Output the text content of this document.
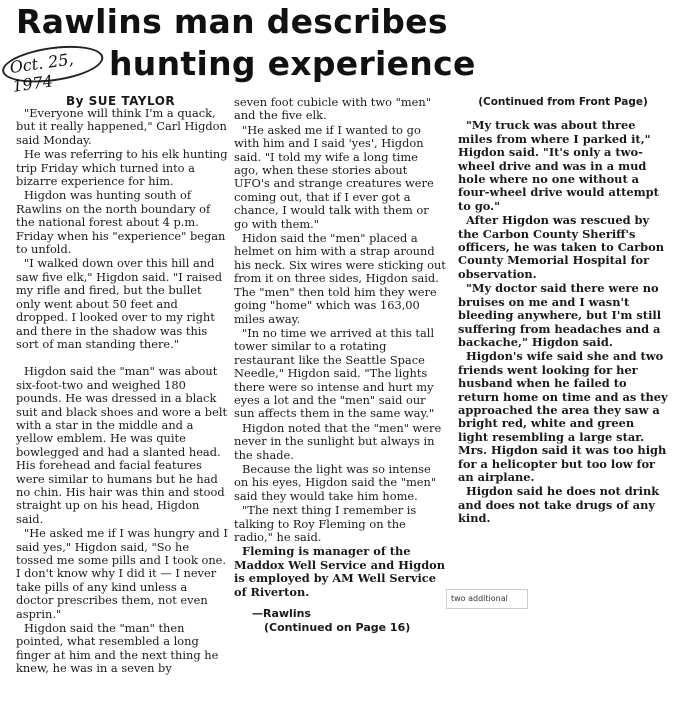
Rawlins man describes
hunting experience
Oct. 25, 1974
By SUE TAYLOR

"Everyone will think I'm a quack, but it really happened," Carl Higdon said Monday.

He was referring to his elk hunting trip Friday which turned into a bizarre experience for him.

Higdon was hunting south of Rawlins on the north boundary of the national forest about 4 p.m. Friday when his "experience" began to unfold.

"I walked down over this hill and saw five elk," Higdon said. "I raised my rifle and fired, but the bullet only went about 50 feet and dropped. I looked over to my right and there in the shadow was this sort of man standing there."

Higdon said the "man" was about six-foot-two and weighed 180 pounds. He was dressed in a black suit and black shoes and wore a belt with a star in the middle and a yellow emblem. He was quite bowlegged and had a slanted head. His forehead and facial features were similar to humans but he had no chin. His hair was thin and stood straight up on his head, Higdon said.

"He asked me if I was hungry and I said yes," Higdon said, "So he tossed me some pills and I took one. I don't know why I did it — I never take pills of any kind unless a doctor prescribes them, not even asprin."

Higdon said the "man" then pointed, what resembled a long finger at him and the next thing he knew, he was in a seven by

seven foot cubicle with two "men" and the five elk.

"He asked me if I wanted to go with him and I said 'yes', Higdon said. "I told my wife a long time ago, when these stories about UFO's and strange creatures were coming out, that if I ever got a chance, I would talk with them or go with them."

Hidon said the "men" placed a helmet on him with a strap around his neck. Six wires were sticking out from it on three sides, Higdon said. The "men" then told him they were going "home" which was 163,00 miles away.

"In no time we arrived at this tall tower similar to a rotating restaurant like the Seattle Space Needle," Higdon said. "The lights there were so intense and hurt my eyes a lot and the "men" said our sun affects them in the same way."

Higdon noted that the "men" were never in the sunlight but always in the shade.

Because the light was so intense on his eyes, Higdon said the "men" said they would take him home.

"The next thing I remember is talking to Roy Fleming on the radio," he said.

Fleming is manager of the Maddox Well Service and Higdon is employed by AM Well Service of Riverton.

—Rawlins

(Continued on Page 16)

(Continued from Front Page)

"My truck was about three miles from where I parked it," Higdon said. "It's only a two-wheel drive and was in a mud hole where no one without a four-wheel drive would attempt to go."

After Higdon was rescued by the Carbon County Sheriff's officers, he was taken to Carbon County Memorial Hospital for observation.

"My doctor said there were no bruises on me and I wasn't bleeding anywhere, but I'm still suffering from headaches and a backache," Higdon said.

Higdon's wife said she and two friends went looking for her husband when he failed to return home on time and as they approached the area they saw a bright red, white and green light resembling a large star. Mrs. Higdon said it was too high for a helicopter but too low for an airplane.

Higdon said he does not drink and does not take drugs of any kind.

two additional
